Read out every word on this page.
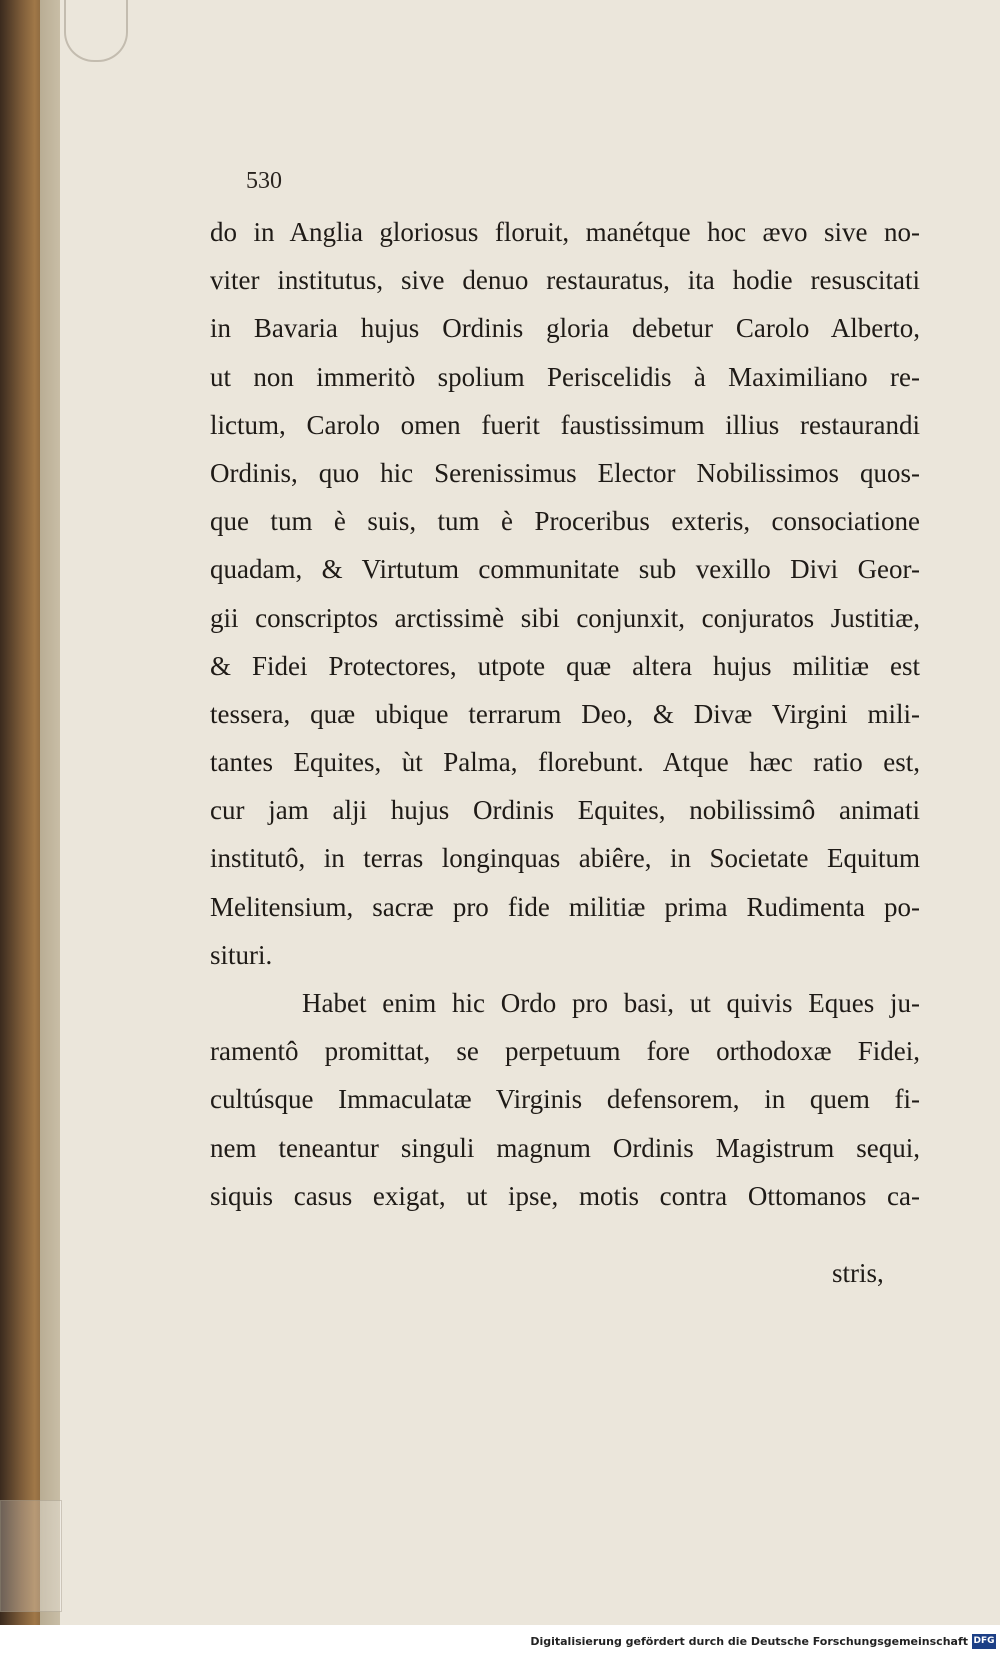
530
do in Anglia gloriosus floruit, manétque hoc ævo sive no-
viter institutus, sive denuo restauratus, ita hodie resuscitati
in Bavaria hujus Ordinis gloria debetur Carolo Alberto,
ut non immeritò spolium Periscelidis à Maximiliano re-
lictum, Carolo omen fuerit faustissimum illius restaurandi
Ordinis, quo hic Serenissimus Elector Nobilissimos quos-
que tum è suis, tum è Proceribus exteris, consociatione
quadam, & Virtutum communitate sub vexillo Divi Geor-
gii conscriptos arctissimè sibi conjunxit, conjuratos Justitiæ,
& Fidei Protectores, utpote quæ altera hujus militiæ est
tessera, quæ ubique terrarum Deo, & Divæ Virgini mili-
tantes Equites, ùt Palma, florebunt. Atque hæc ratio est,
cur jam alji hujus Ordinis Equites, nobilissimô animati
institutô, in terras longinquas abiêre, in Societate Equitum
Melitensium, sacræ pro fide militiæ prima Rudimenta po-
situri.
Habet enim hic Ordo pro basi, ut quivis Eques ju-
ramentô promittat, se perpetuum fore orthodoxæ Fidei,
cultúsque Immaculatæ Virginis defensorem, in quem fi-
nem teneantur singuli magnum Ordinis Magistrum sequi,
siquis casus exigat, ut ipse, motis contra Ottomanos ca-
stris,
Digitalisierung gefördert durch die Deutsche Forschungsgemeinschaft DFG
